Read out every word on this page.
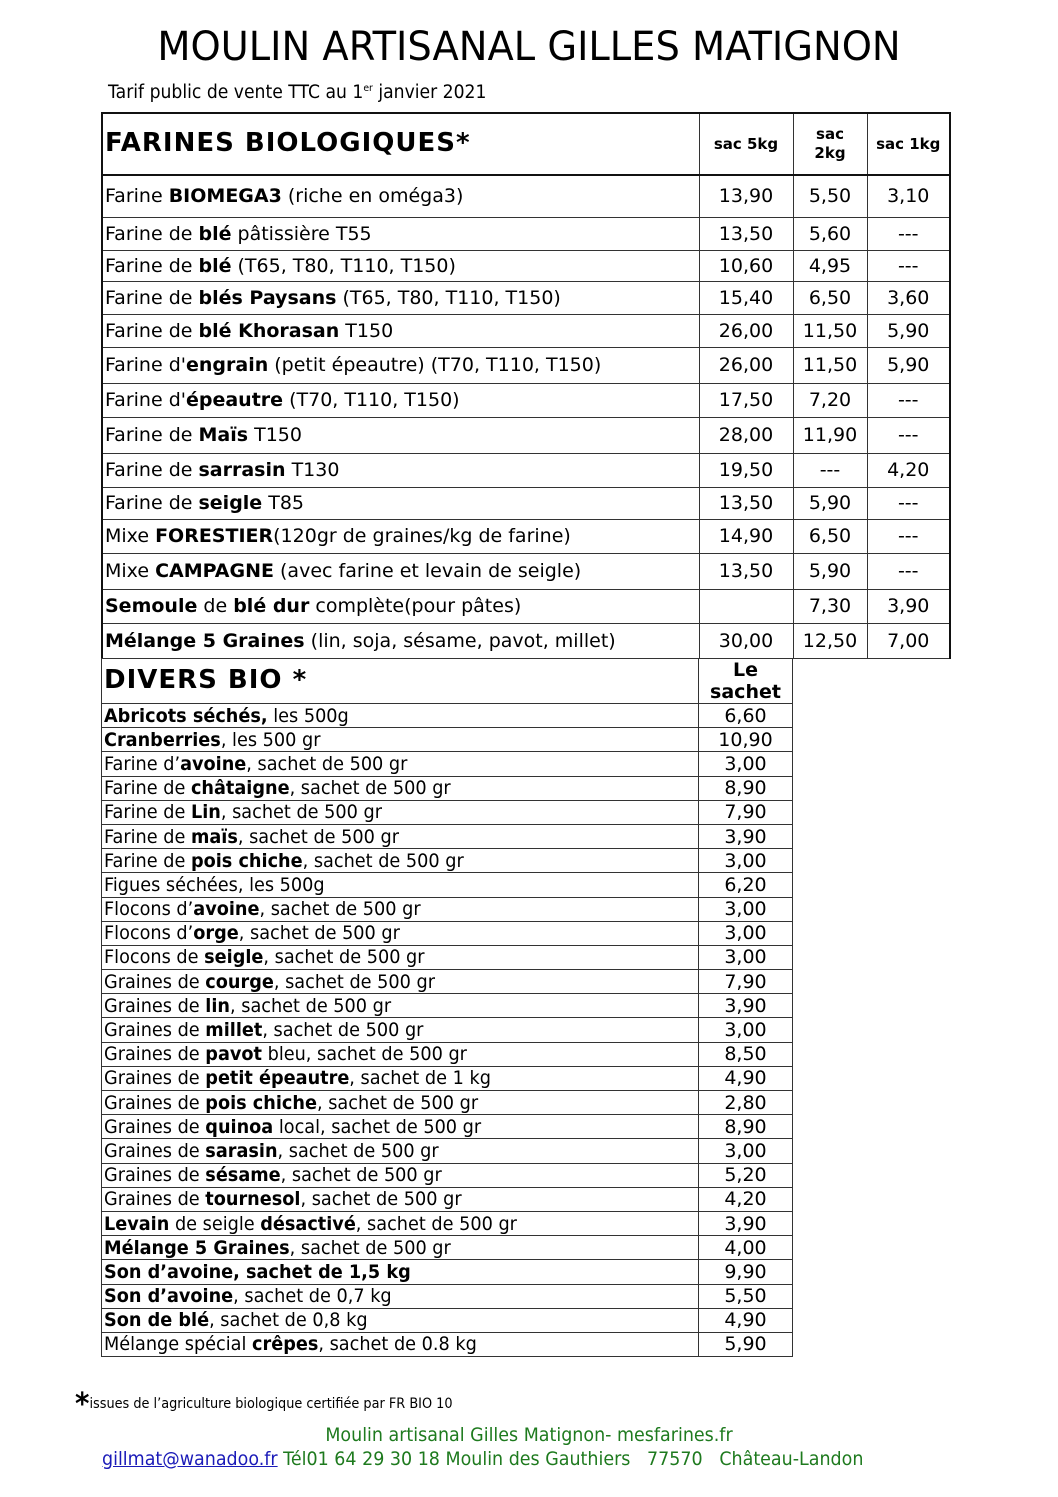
MOULIN ARTISANAL GILLES MATIGNON
Tarif public de vente TTC au 1er janvier 2021
FARINES BIOLOGIQUES*	sac 5kg	sac 2kg	sac 1kg
Farine BIOMEGA3 (riche en oméga3)	13,90	5,50	3,10
Farine de blé pâtissière T55	13,50	5,60	---
Farine de blé (T65, T80, T110, T150)	10,60	4,95	---
Farine de blés Paysans (T65, T80, T110, T150)	15,40	6,50	3,60
Farine de blé Khorasan T150	26,00	11,50	5,90
Farine d'engrain (petit épeautre) (T70, T110, T150)	26,00	11,50	5,90
Farine d'épeautre (T70, T110, T150)	17,50	7,20	---
Farine de Maïs T150	28,00	11,90	---
Farine de sarrasin T130	19,50	---	4,20
Farine de seigle T85	13,50	5,90	---
Mixe FORESTIER(120gr de graines/kg de farine)	14,90	6,50	---
Mixe CAMPAGNE (avec farine et levain de seigle)	13,50	5,90	---
Semoule de blé dur complète(pour pâtes)		7,30	3,90
Mélange 5 Graines (lin, soja, sésame, pavot, millet)	30,00	12,50	7,00
DIVERS BIO *	Le
sachet
Abricots séchés, les 500g	6,60
Cranberries, les 500 gr	10,90
Farine d’avoine, sachet de 500 gr	3,00
Farine de châtaigne, sachet de 500 gr	8,90
Farine de Lin, sachet de 500 gr	7,90
Farine de maïs, sachet de 500 gr	3,90
Farine de pois chiche, sachet de 500 gr	3,00
Figues séchées, les 500g	6,20
Flocons d’avoine, sachet de 500 gr	3,00
Flocons d’orge, sachet de 500 gr	3,00
Flocons de seigle, sachet de 500 gr	3,00
Graines de courge, sachet de 500 gr	7,90
Graines de lin, sachet de 500 gr	3,90
Graines de millet, sachet de 500 gr	3,00
Graines de pavot bleu, sachet de 500 gr	8,50
Graines de petit épeautre, sachet de 1 kg	4,90
Graines de pois chiche, sachet de 500 gr	2,80
Graines de quinoa local, sachet de 500 gr	8,90
Graines de sarasin, sachet de 500 gr	3,00
Graines de sésame, sachet de 500 gr	5,20
Graines de tournesol, sachet de 500 gr	4,20
Levain de seigle désactivé, sachet de 500 gr	3,90
Mélange 5 Graines, sachet de 500 gr	4,00
Son d’avoine, sachet de 1,5 kg	9,90
Son d’avoine, sachet de 0,7 kg	5,50
Son de blé, sachet de 0,8 kg	4,90
Mélange spécial crêpes, sachet de 0.8 kg	5,90
*issues de l’agriculture biologique certifiée par FR BIO 10
Moulin artisanal Gilles Matignon- mesfarines.fr
gillmat@wanadoo.fr Tél01 64 29 30 18 Moulin des Gauthiers   77570   Château-Landon
